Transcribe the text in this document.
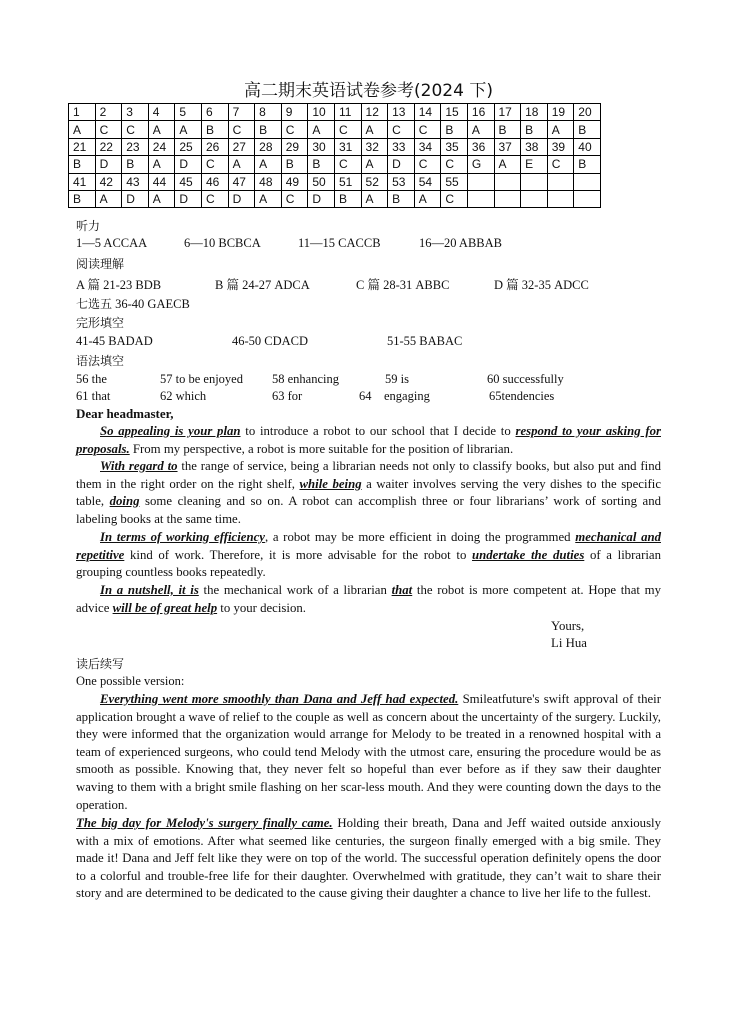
高二期末英语试卷参考(2024 下)
1	2	3	4	5	6	7	8	9	10	11	12	13	14	15	16	17	18	19	20
A	C	C	A	A	B	C	B	C	A	C	A	C	C	B	A	B	B	A	B
21	22	23	24	25	26	27	28	29	30	31	32	33	34	35	36	37	38	39	40
B	D	B	A	D	C	A	A	B	B	C	A	D	C	C	G	A	E	C	B
41	42	43	44	45	46	47	48	49	50	51	52	53	54	55					
B	A	D	A	D	C	D	A	C	D	B	A	B	A	C					
听力
1—5 ACCAA	6—10 BCBCA	11—15 CACCB	16—20 ABBAB
阅读理解
A 篇 21-23 BDB	B 篇 24-27 ADCA	C 篇 28-31 ABBC	D 篇 32-35 ADCC
七选五 36-40 GAECB
完形填空
41-45 BADAD	46-50 CDACD	51-55 BABAC
语法填空
56 the	57 to be enjoyed 58 enhancing	59 is	60 successfully
61 that	62 which	63 for	64    engaging	65tendencies
Dear headmaster,
So appealing is your plan to introduce a robot to our school that I decide to respond to your asking for proposals. From my perspective, a robot is more suitable for the position of librarian.
With regard to the range of service, being a librarian needs not only to classify books, but also put and find them in the right order on the right shelf, while being a waiter involves serving the very dishes to the specific table, doing some cleaning and so on. A robot can accomplish three or four librarians’ work of sorting and labeling books at the same time.
In terms of working efficiency, a robot may be more efficient in doing the programmed mechanical and repetitive kind of work. Therefore, it is more advisable for the robot to undertake the duties of a librarian grouping countless books repeatedly.
In a nutshell, it is the mechanical work of a librarian that the robot is more competent at. Hope that my advice will be of great help to your decision.
Yours,
Li Hua
读后续写
One possible version:
Everything went more smoothly than Dana and Jeff had expected. Smileatfuture's swift approval of their application brought a wave of relief to the couple as well as concern about the uncertainty of the surgery. Luckily, they were informed that the organization would arrange for Melody to be treated in a renowned hospital with a team of experienced surgeons, who could tend Melody with the utmost care, ensuring the procedure would be as smooth as possible. Knowing that, they never felt so hopeful than ever before as if they saw their daughter waving to them with a bright smile flashing on her scar-less mouth. And they were counting down the days to the operation.
The big day for Melody's surgery finally came. Holding their breath, Dana and Jeff waited outside anxiously with a mix of emotions. After what seemed like centuries, the surgeon finally emerged with a big smile. They made it! Dana and Jeff felt like they were on top of the world. The successful operation definitely opens the door to a colorful and trouble-free life for their daughter. Overwhelmed with gratitude, they can’t wait to share their story and are determined to be dedicated to the cause giving their daughter a chance to live her life to the fullest.
